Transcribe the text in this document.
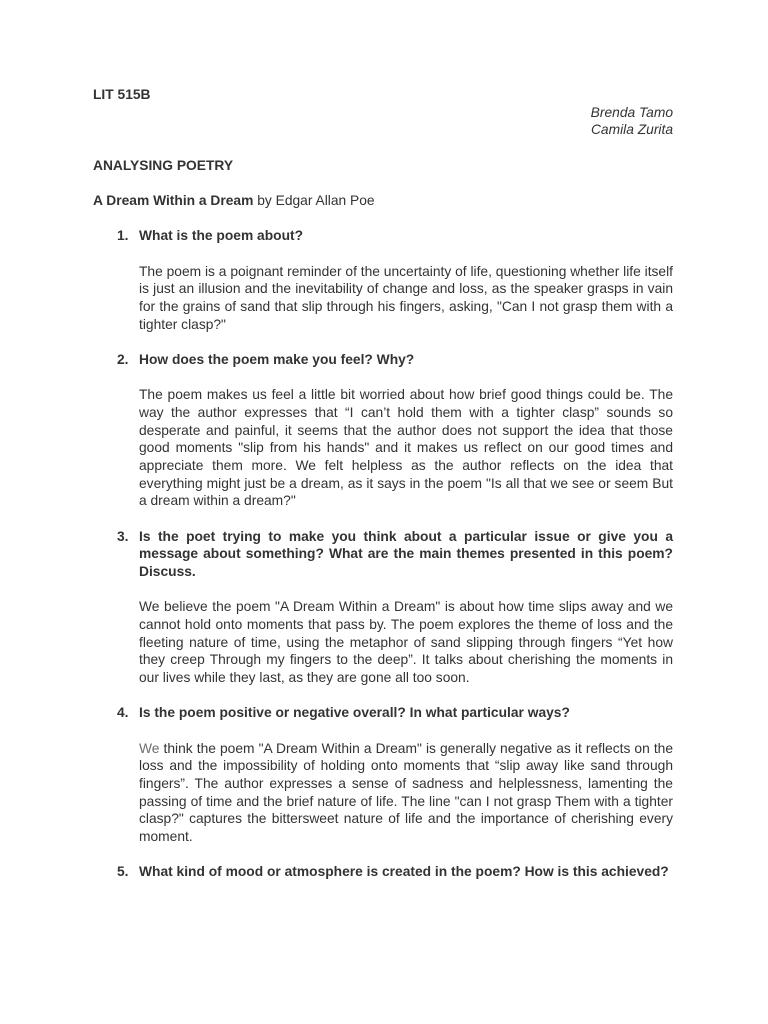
LIT 515B
Brenda Tamo
Camila Zurita
ANALYSING POETRY
A Dream Within a Dream by Edgar Allan Poe
1. What is the poem about?
The poem is a poignant reminder of the uncertainty of life, questioning whether life itself is just an illusion and the inevitability of change and loss, as the speaker grasps in vain for the grains of sand that slip through his fingers, asking, "Can I not grasp them with a tighter clasp?"
2. How does the poem make you feel? Why?
The poem makes us feel a little bit worried about how brief good things could be. The way the author expresses that “I can’t hold them with a tighter clasp” sounds so desperate and painful, it seems that the author does not support the idea that those good moments "slip from his hands" and it makes us reflect on our good times and appreciate them more. We felt helpless as the author reflects on the idea that everything might just be a dream, as it says in the poem "Is all that we see or seem But a dream within a dream?"
3. Is the poet trying to make you think about a particular issue or give you a message about something? What are the main themes presented in this poem? Discuss.
We believe the poem "A Dream Within a Dream" is about how time slips away and we cannot hold onto moments that pass by. The poem explores the theme of loss and the fleeting nature of time, using the metaphor of sand slipping through fingers “Yet how they creep Through my fingers to the deep”. It talks about cherishing the moments in our lives while they last, as they are gone all too soon.
4. Is the poem positive or negative overall? In what particular ways?
We think the poem "A Dream Within a Dream" is generally negative as it reflects on the loss and the impossibility of holding onto moments that “slip away like sand through fingers”. The author expresses a sense of sadness and helplessness, lamenting the passing of time and the brief nature of life. The line "can I not grasp Them with a tighter clasp?" captures the bittersweet nature of life and the importance of cherishing every moment.
5. What kind of mood or atmosphere is created in the poem? How is this achieved?
